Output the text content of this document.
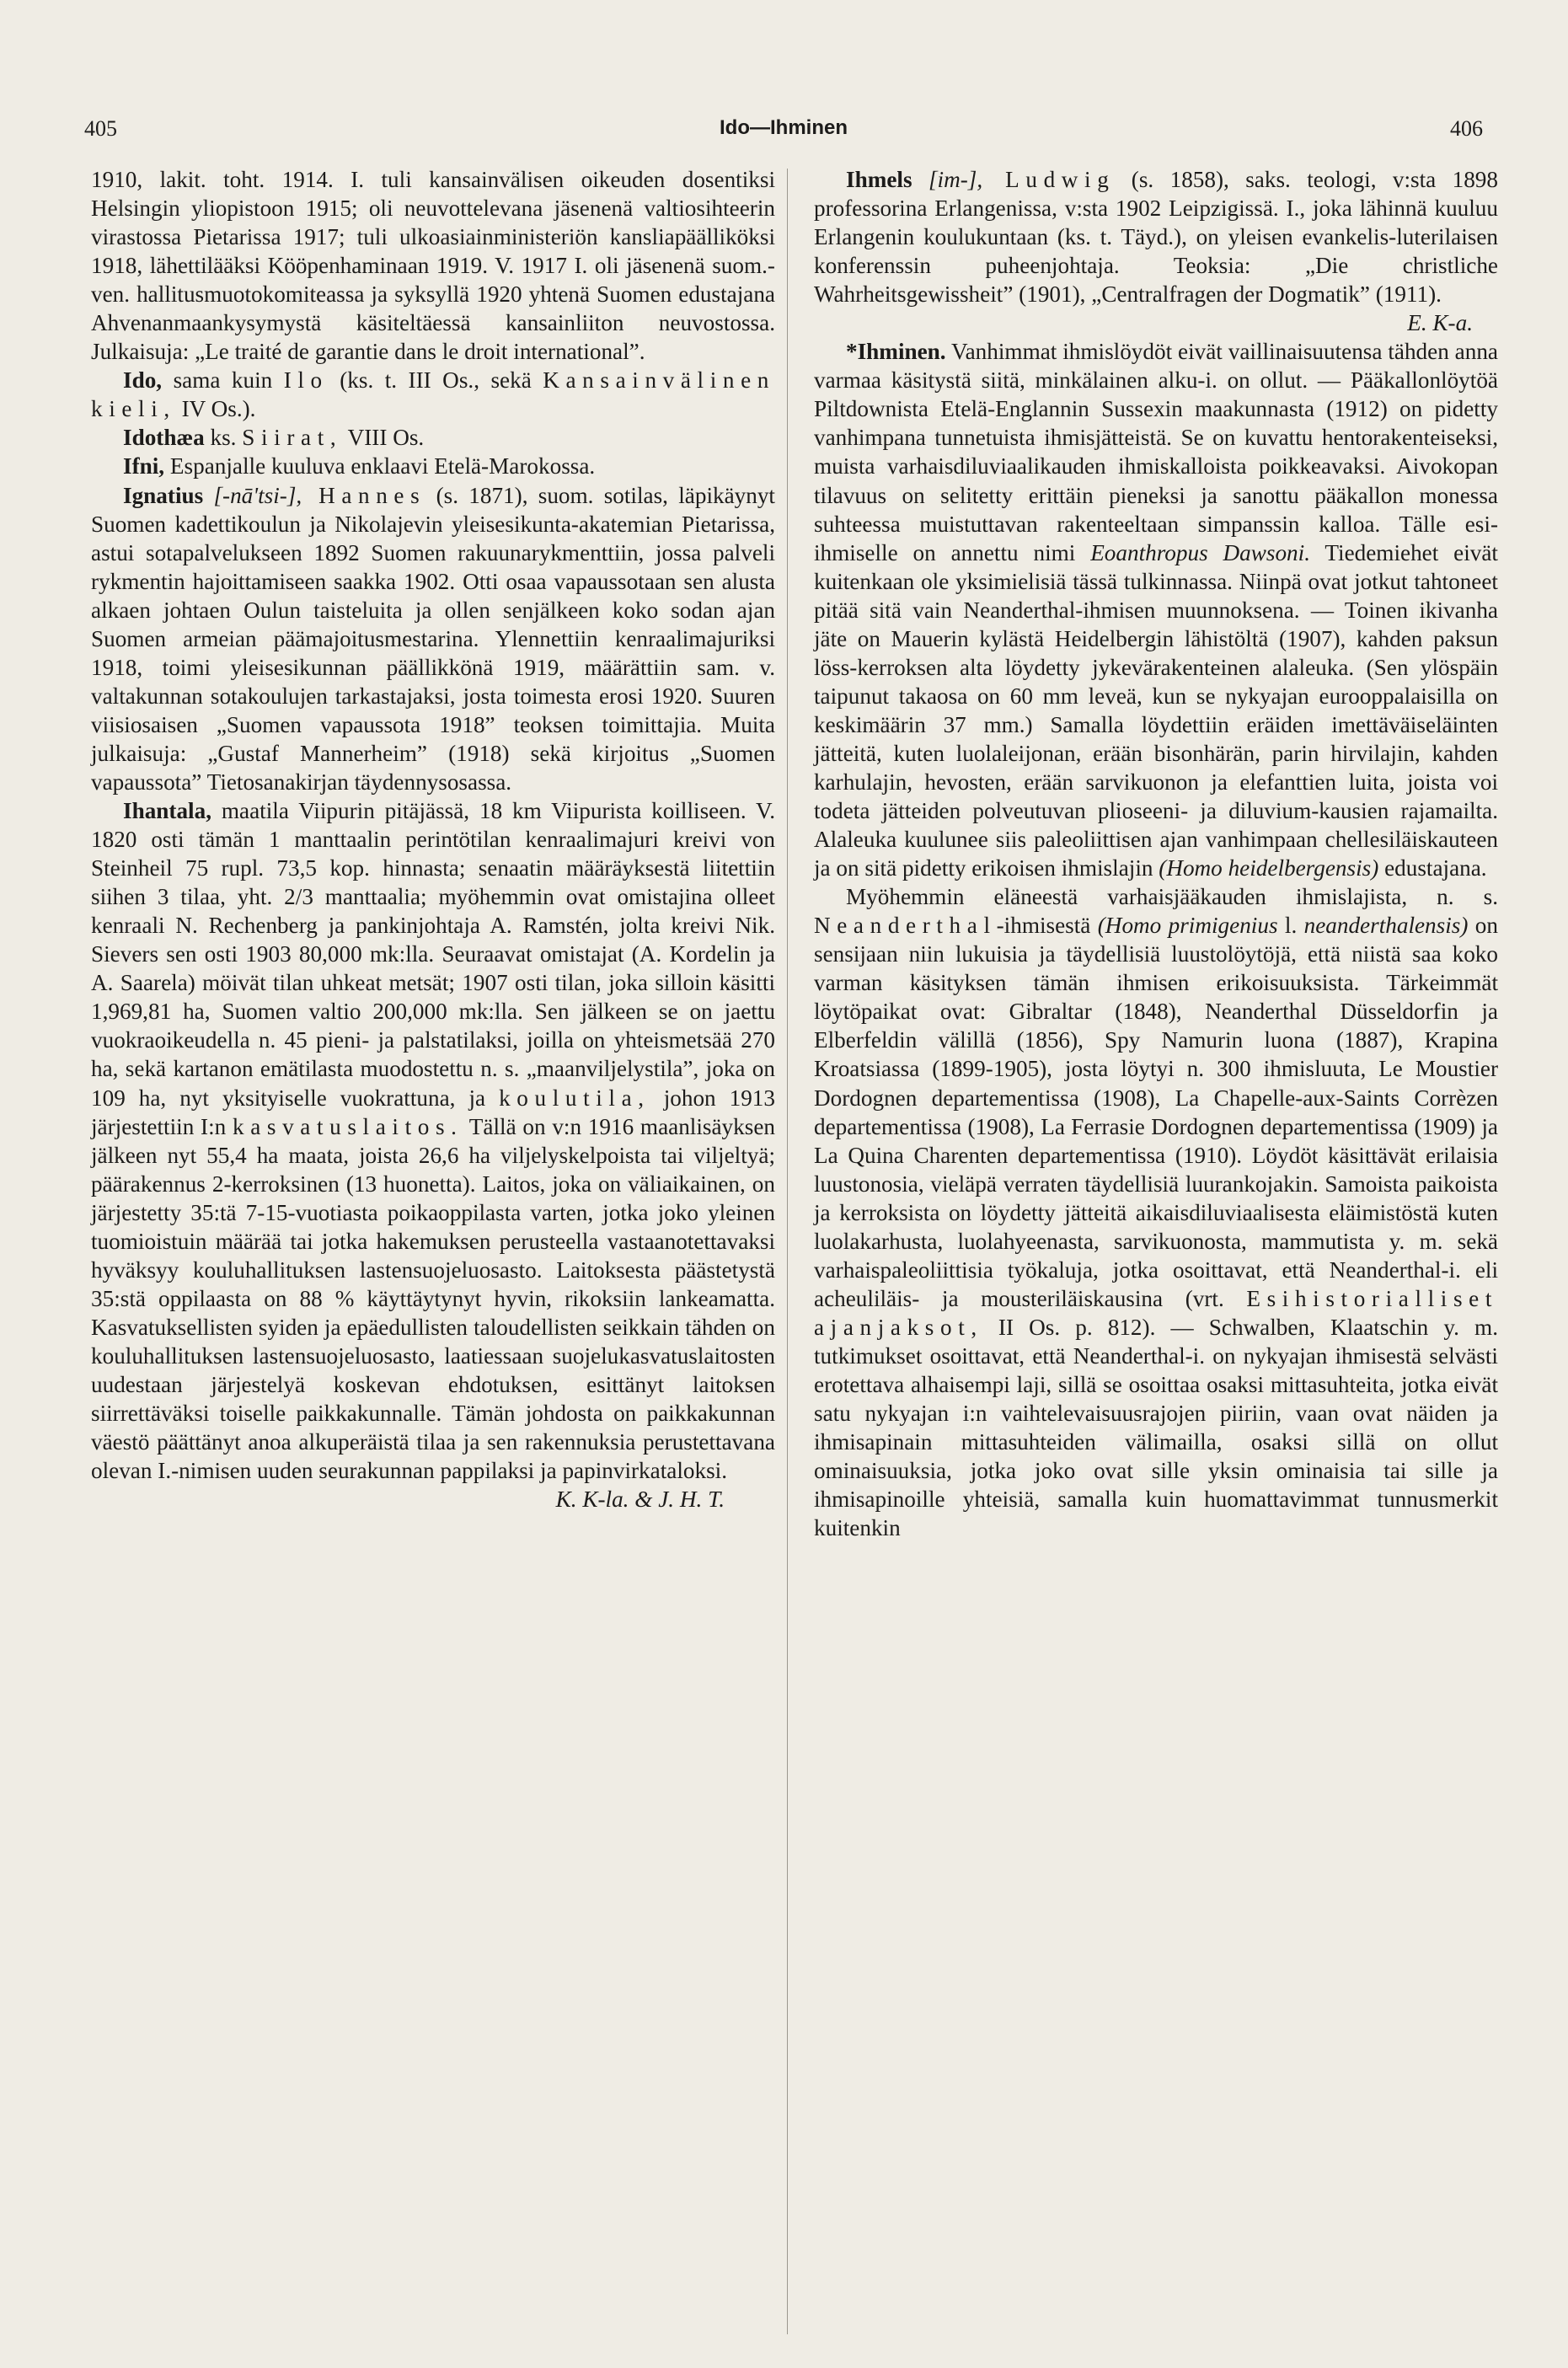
405	Ido—Ihminen	406

1910, lakit. toht. 1914. I. tuli kansainvälisen oikeuden dosentiksi Helsingin yliopistoon 1915; oli neuvottelevana jäsenenä valtiosihteerin virastossa Pietarissa 1917; tuli ulkoasiainministeriön kansliapäälliköksi 1918, lähettilääksi Kööpenhaminaan 1919. V. 1917 I. oli jäsenenä suom.-ven. hallitusmuotokomiteassa ja syksyllä 1920 yhtenä Suomen edustajana Ahvenanmaankysymystä käsiteltäessä kansainliiton neuvostossa. Julkaisuja: „Le traité de garantie dans le droit international”.

Ido, sama kuin Ilo (ks. t. III Os., sekä Kansainvälinen kieli, IV Os.).

Idothæa ks. Siirat, VIII Os.

Ifni, Espanjalle kuuluva enklaavi Etelä-Marokossa.

Ignatius [-nā'tsi-], Hannes (s. 1871), suom. sotilas, läpikäynyt Suomen kadettikoulun ja Nikolajevin yleisesikunta-akatemian Pietarissa, astui sotapalvelukseen 1892 Suomen rakuunarykmenttiin, jossa palveli rykmentin hajoittamiseen saakka 1902. Otti osaa vapaussotaan sen alusta alkaen johtaen Oulun taisteluita ja ollen senjälkeen koko sodan ajan Suomen armeian päämajoitusmestarina. Ylennettiin kenraalimajuriksi 1918, toimi yleisesikunnan päällikkönä 1919, määrättiin sam. v. valtakunnan sotakoulujen tarkastajaksi, josta toimesta erosi 1920. Suuren viisiosaisen „Suomen vapaussota 1918” teoksen toimittajia. Muita julkaisuja: „Gustaf Mannerheim” (1918) sekä kirjoitus „Suomen vapaussota” Tietosanakirjan täydennysosassa.

Ihantala, maatila Viipurin pitäjässä, 18 km Viipurista koilliseen. V. 1820 osti tämän 1 manttaalin perintötilan kenraalimajuri kreivi von Steinheil 75 rupl. 73,5 kop. hinnasta; senaatin määräyksestä liitettiin siihen 3 tilaa, yht. 2/3 manttaalia; myöhemmin ovat omistajina olleet kenraali N. Rechenberg ja pankinjohtaja A. Ramstén, jolta kreivi Nik. Sievers sen osti 1903 80,000 mk:lla. Seuraavat omistajat (A. Kordelin ja A. Saarela) möivät tilan uhkeat metsät; 1907 osti tilan, joka silloin käsitti 1,969,81 ha, Suomen valtio 200,000 mk:lla. Sen jälkeen se on jaettu vuokraoikeudella n. 45 pieni- ja palstatilaksi, joilla on yhteismetsää 270 ha, sekä kartanon emätilasta muodostettu n. s. „maanviljelystila”, joka on 109 ha, nyt yksityiselle vuokrattuna, ja koulutila, johon 1913 järjestettiin I:n kasvatuslaitos. Tällä on v:n 1916 maanlisäyksen jälkeen nyt 55,4 ha maata, joista 26,6 ha viljelyskelpoista tai viljeltyä; päärakennus 2-kerroksinen (13 huonetta). Laitos, joka on väliaikainen, on järjestetty 35:tä 7-15-vuotiasta poikaoppilasta varten, jotka joko yleinen tuomioistuin määrää tai jotka hakemuksen perusteella vastaanotettavaksi hyväksyy kouluhallituksen lastensuojeluosasto. Laitoksesta päästetystä 35:stä oppilaasta on 88 % käyttäytynyt hyvin, rikoksiin lankeamatta. Kasvatuksellisten syiden ja epäedullisten taloudellisten seikkain tähden on kouluhallituksen lastensuojeluosasto, laatiessaan suojelukasvatuslaitosten uudestaan järjestelyä koskevan ehdotuksen, esittänyt laitoksen siirrettäväksi toiselle paikkakunnalle. Tämän johdosta on paikkakunnan väestö päättänyt anoa alkuperäistä tilaa ja sen rakennuksia perustettavana olevan I.-nimisen uuden seurakunnan pappilaksi ja papinvirkataloksi.

K. K-la. & J. H. T.

Ihmels [im-], Ludwig (s. 1858), saks. teologi, v:sta 1898 professorina Erlangenissa, v:sta 1902 Leipzigissä. I., joka lähinnä kuuluu Erlangenin koulukuntaan (ks. t. Täyd.), on yleisen evankelis-luterilaisen konferenssin puheenjohtaja. Teoksia: „Die christliche Wahrheitsgewissheit” (1901), „Centralfragen der Dogmatik” (1911).

E. K-a.

*Ihminen. Vanhimmat ihmislöydöt eivät vaillinaisuutensa tähden anna varmaa käsitystä siitä, minkälainen alku-i. on ollut. — Pääkallonlöytöä Piltdownista Etelä-Englannin Sussexin maakunnasta (1912) on pidetty vanhimpana tunnetuista ihmisjätteistä. Se on kuvattu hentorakenteiseksi, muista varhaisdiluviaalikauden ihmiskalloista poikkeavaksi. Aivokopan tilavuus on selitetty erittäin pieneksi ja sanottu pääkallon monessa suhteessa muistuttavan rakenteeltaan simpanssin kalloa. Tälle esi-ihmiselle on annettu nimi Eoanthropus Dawsoni. Tiedemiehet eivät kuitenkaan ole yksimielisiä tässä tulkinnassa. Niinpä ovat jotkut tahtoneet pitää sitä vain Neanderthal-ihmisen muunnoksena. — Toinen ikivanha jäte on Mauerin kylästä Heidelbergin lähistöltä (1907), kahden paksun löss-kerroksen alta löydetty jykevärakenteinen alaleuka. (Sen ylöspäin taipunut takaosa on 60 mm leveä, kun se nykyajan eurooppalaisilla on keskimäärin 37 mm.) Samalla löydettiin eräiden imettäväiseläinten jätteitä, kuten luolaleijonan, erään bisonhärän, parin hirvilajin, kahden karhulajin, hevosten, erään sarvikuonon ja elefanttien luita, joista voi todeta jätteiden polveutuvan plioseeni- ja diluvium-kausien rajamailta. Alaleuka kuulunee siis paleoliittisen ajan vanhimpaan chellesiläiskauteen ja on sitä pidetty erikoisen ihmislajin (Homo heidelbergensis) edustajana.

Myöhemmin eläneestä varhaisjääkauden ihmislajista, n. s. Neanderthal-ihmisestä (Homo primigenius l. neanderthalensis) on sensijaan niin lukuisia ja täydellisiä luustolöytöjä, että niistä saa koko varman käsityksen tämän ihmisen erikoisuuksista. Tärkeimmät löytöpaikat ovat: Gibraltar (1848), Neanderthal Düsseldorfin ja Elberfeldin välillä (1856), Spy Namurin luona (1887), Krapina Kroatsiassa (1899-1905), josta löytyi n. 300 ihmisluuta, Le Moustier Dordognen departementissa (1908), La Chapelle-aux-Saints Corrèzen departementissa (1908), La Ferrasie Dordognen departementissa (1909) ja La Quina Charenten departementissa (1910). Löydöt käsittävät erilaisia luustonosia, vieläpä verraten täydellisiä luurankojakin. Samoista paikoista ja kerroksista on löydetty jätteitä aikaisdiluviaalisesta eläimistöstä kuten luolakarhusta, luolahyeenasta, sarvikuonosta, mammutista y. m. sekä varhaispaleoliittisia työkaluja, jotka osoittavat, että Neanderthal-i. eli acheuliläis- ja mousteriläiskausina (vrt. Esihistorialliset ajanjaksot, II Os. p. 812). — Schwalben, Klaatschin y. m. tutkimukset osoittavat, että Neanderthal-i. on nykyajan ihmisestä selvästi erotettava alhaisempi laji, sillä se osoittaa osaksi mittasuhteita, jotka eivät satu nykyajan i:n vaihtelevaisuusrajojen piiriin, vaan ovat näiden ja ihmisapinain mittasuhteiden välimailla, osaksi sillä on ollut ominaisuuksia, jotka joko ovat sille yksin ominaisia tai sille ja ihmisapinoille yhteisiä, samalla kuin huomattavimmat tunnusmerkit kuitenkin
